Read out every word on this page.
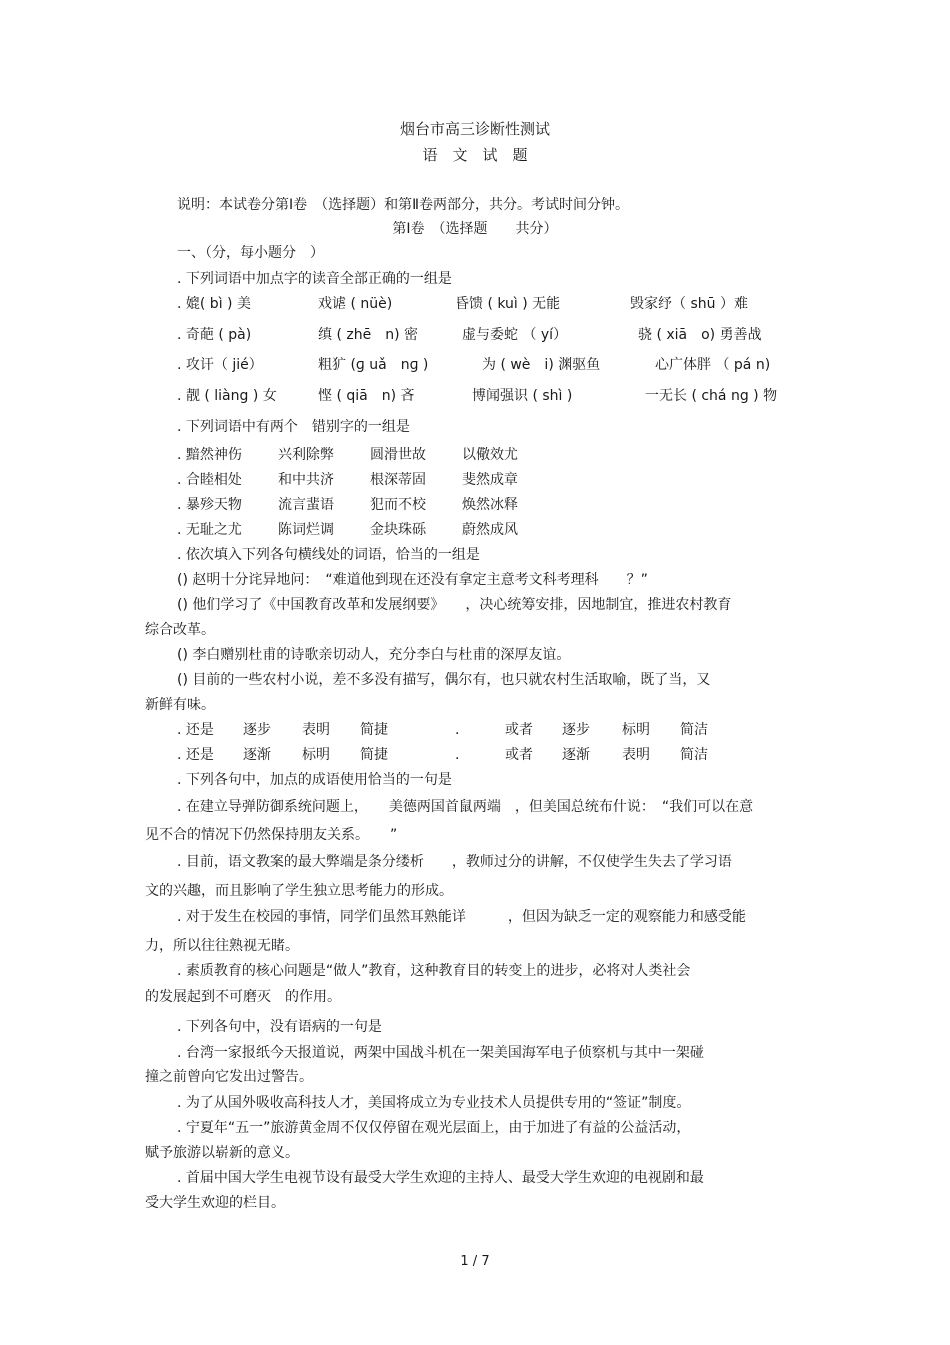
烟台市高三诊断性测试
语　文　试　题
说明：本试卷分第Ⅰ卷　（选择题）和第Ⅱ卷两部分，共分。考试时间分钟。
第Ⅰ卷　（选择题　　共分）
一、（分，每小题分　）
. 下列词语中加点字的读音全部正确的一组是
. 媲( bì ) 美	戏谑 ( nüè)	昏馈 ( kuì ) 无能	毁家纾（ shū ）难
. 奇葩 ( pà)	缜 ( zhē　n) 密	虚与委蛇 （ yí）	骁 ( xiā　o) 勇善战
. 攻讦（ jié）	粗犷 (ɡ uǎ　nɡ )	为 ( wè　i) 渊驱鱼	心广体胖 （ pá n)
. 靓 ( liàng ) 女	悭 ( qiā　n) 吝	博闻强识 ( shì )	一无长 ( chá ng ) 物
. 下列词语中有两个　错别字的一组是
. 黯然神伤	兴利除弊	圆滑世故	以儆效尤
. 合睦相处	和中共济	根深蒂固	斐然成章
. 暴殄天物	流言蜚语	犯而不校	焕然冰释
. 无耻之尤	陈词烂调	金块珠砾	蔚然成风
. 依次填入下列各句横线处的词语，恰当的一组是
() 赵明十分诧异地问：　“难道他到现在还没有拿定主意考文科考理科　　？”
() 他们学习了《中国教育改革和发展纲要》　　，决心统筹安排，因地制宜，推进农村教育
综合改革。
() 李白赠别杜甫的诗歌亲切动人，充分李白与杜甫的深厚友谊。
() 目前的一些农村小说，差不多没有描写，偶尔有，也只就农村生活取喻，既了当，又
新鲜有味。
. 还是 逐步 表明 简捷	.	或者 逐步 标明 简洁
. 还是 逐渐 标明 简捷	.	或者 逐渐 表明 简洁
. 下列各句中，加点的成语使用恰当的一句是
. 在建立导弹防御系统问题上，　　美德两国首鼠两端　，但美国总统布什说：　“我们可以在意
见不合的情况下仍然保持朋友关系。　　”
. 目前，语文教案的最大弊端是条分缕析　　，教师过分的讲解，不仅使学生失去了学习语
文的兴趣，而且影响了学生独立思考能力的形成。
. 对于发生在校园的事情，同学们虽然耳熟能详　　　，但因为缺乏一定的观察能力和感受能
力，所以往往熟视无睹。
. 素质教育的核心问题是“做人”教育，这种教育目的转变上的进步，必将对人类社会
的发展起到不可磨灭　的作用。
. 下列各句中，没有语病的一句是
. 台湾一家报纸今天报道说，两架中国战斗机在一架美国海军电子侦察机与其中一架碰
撞之前曾向它发出过警告。
. 为了从国外吸收高科技人才，美国将成立为专业技术人员提供专用的“签证”制度。
. 宁夏年“五一”旅游黄金周不仅仅停留在观光层面上，由于加进了有益的公益活动，
赋予旅游以崭新的意义。
. 首届中国大学生电视节设有最受大学生欢迎的主持人、最受大学生欢迎的电视剧和最
受大学生欢迎的栏目。
1 / 7
